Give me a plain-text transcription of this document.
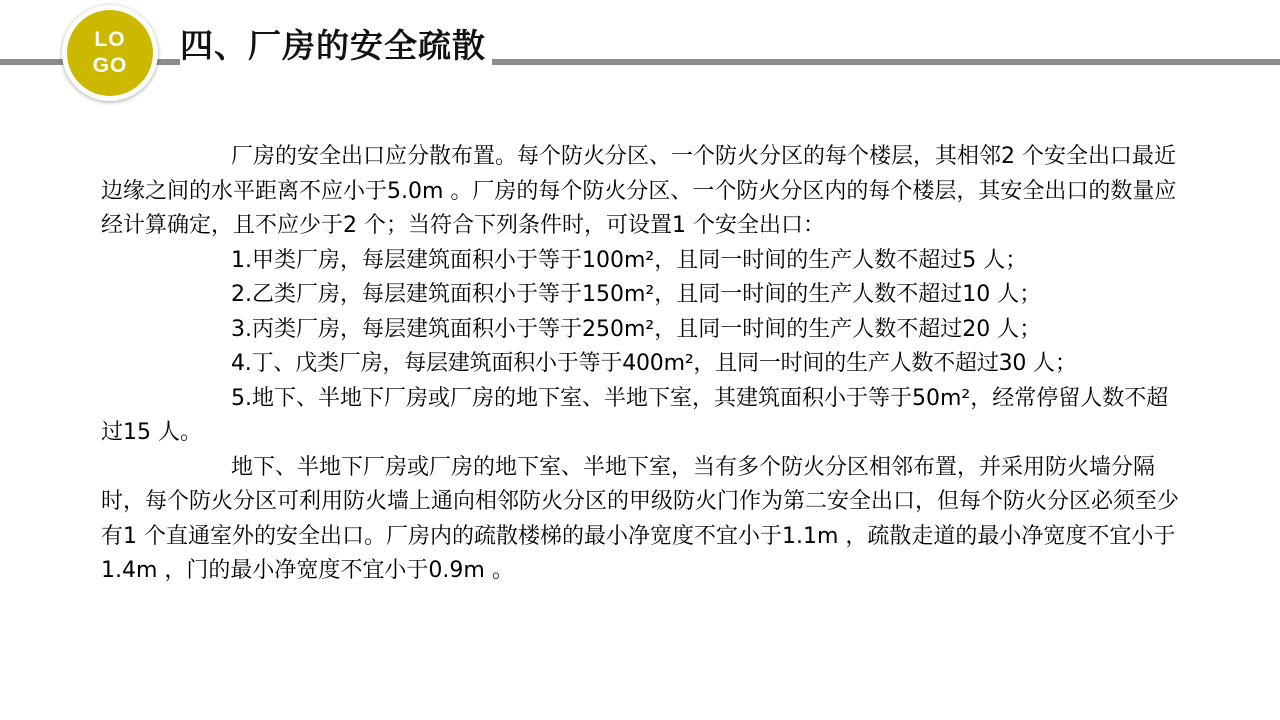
LO
GO
四、厂房的安全疏散

厂房的安全出口应分散布置。每个防火分区、一个防火分区的每个楼层，其相邻2 个安全出口最近边缘之间的水平距离不应小于5.0m 。厂房的每个防火分区、一个防火分区内的每个楼层，其安全出口的数量应经计算确定，且不应少于2 个；当符合下列条件时，可设置1 个安全出口：

1.甲类厂房，每层建筑面积小于等于100m²，且同一时间的生产人数不超过5 人；

2.乙类厂房，每层建筑面积小于等于150m²，且同一时间的生产人数不超过10 人；

3.丙类厂房，每层建筑面积小于等于250m²，且同一时间的生产人数不超过20 人；

4.丁、戊类厂房，每层建筑面积小于等于400m²，且同一时间的生产人数不超过30 人；

5.地下、半地下厂房或厂房的地下室、半地下室，其建筑面积小于等于50m²，经常停留人数不超过15 人。

地下、半地下厂房或厂房的地下室、半地下室，当有多个防火分区相邻布置，并采用防火墙分隔时，每个防火分区可利用防火墙上通向相邻防火分区的甲级防火门作为第二安全出口，但每个防火分区必须至少有1 个直通室外的安全出口。厂房内的疏散楼梯的最小净宽度不宜小于1.1m ，疏散走道的最小净宽度不宜小于1.4m ，门的最小净宽度不宜小于0.9m 。
